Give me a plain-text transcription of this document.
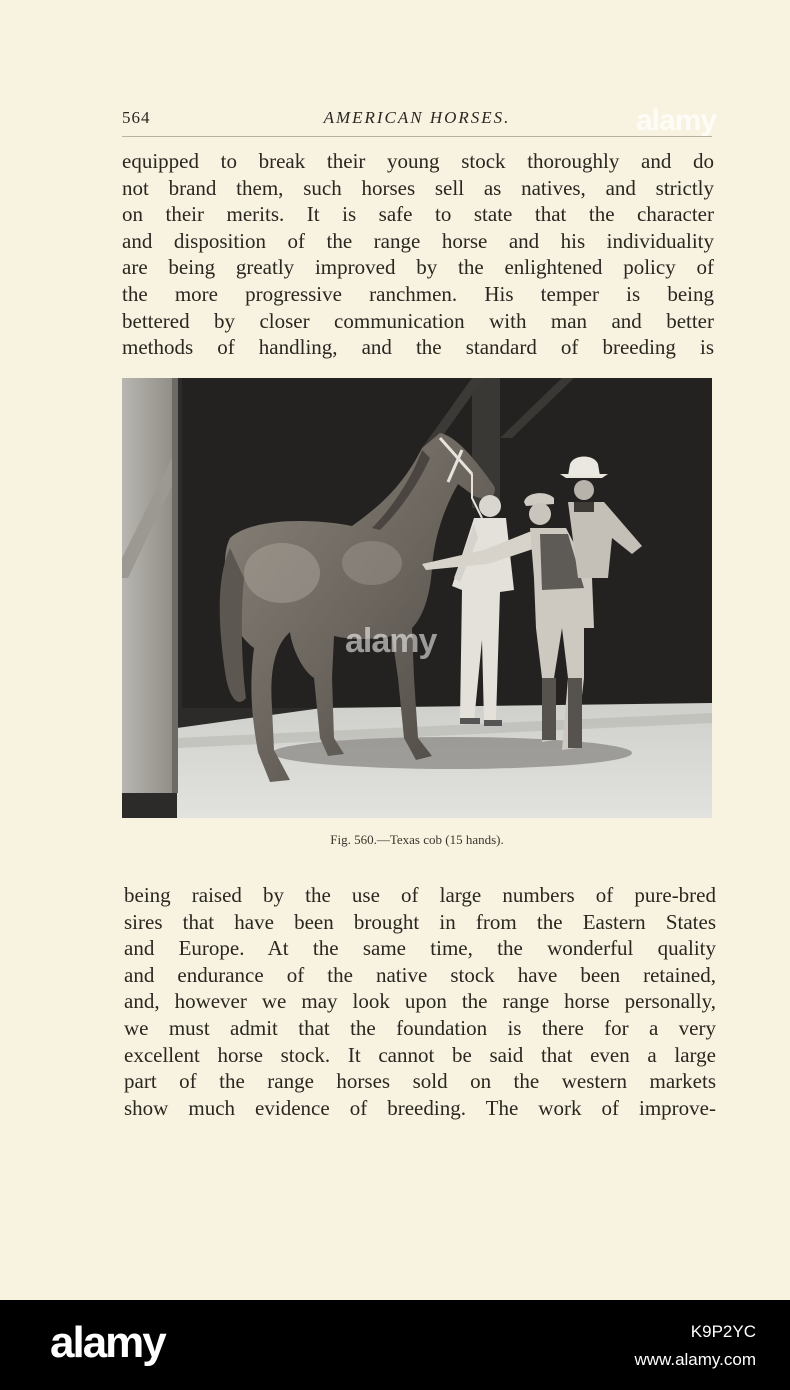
564	AMERICAN HORSES.

equipped to break their young stock thoroughly and do
not brand them, such horses sell as natives, and strictly
on their merits. It is safe to state that the character
and disposition of the range horse and his individuality
are being greatly improved by the enlightened policy of
the more progressive ranchmen. His temper is being
bettered by closer communication with man and better
methods of handling, and the standard of breeding is

alamy
alamy
Fig. 560.—Texas cob (15 hands).

being raised by the use of large numbers of pure-bred
sires that have been brought in from the Eastern States
and Europe. At the same time, the wonderful quality
and endurance of the native stock have been retained,
and, however we may look upon the range horse personally,
we must admit that the foundation is there for a very
excellent horse stock. It cannot be said that even a large
part of the range horses sold on the western markets
show much evidence of breeding. The work of improve-

alamy	K9P2YC
www.alamy.com
